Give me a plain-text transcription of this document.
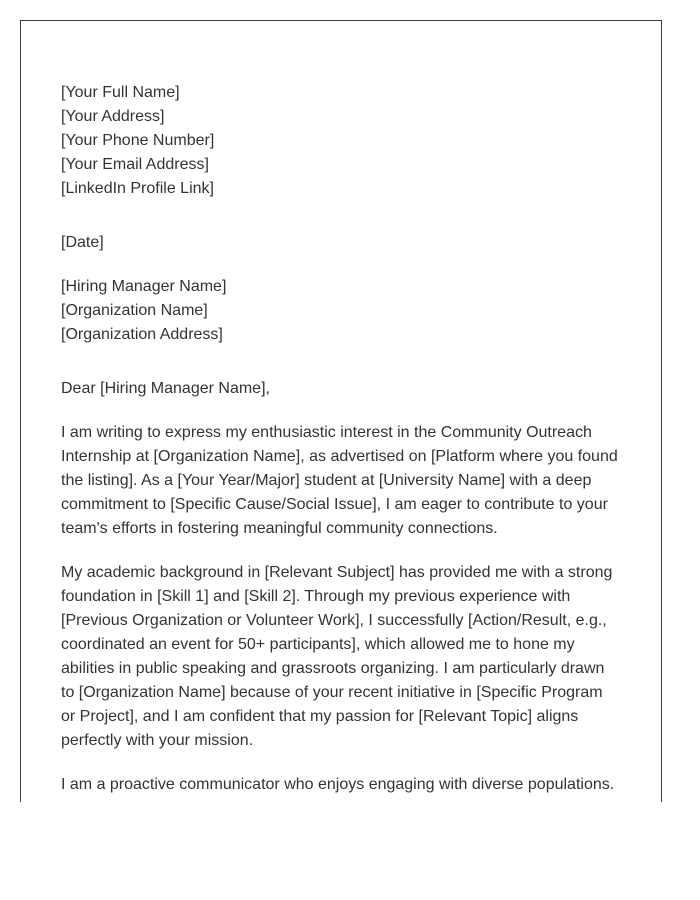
[Your Full Name]
[Your Address]
[Your Phone Number]
[Your Email Address]
[LinkedIn Profile Link]
[Date]
[Hiring Manager Name]
[Organization Name]
[Organization Address]
Dear [Hiring Manager Name],
I am writing to express my enthusiastic interest in the Community Outreach
Internship at [Organization Name], as advertised on [Platform where you found
the listing]. As a [Your Year/Major] student at [University Name] with a deep
commitment to [Specific Cause/Social Issue], I am eager to contribute to your
team's efforts in fostering meaningful community connections.
My academic background in [Relevant Subject] has provided me with a strong
foundation in [Skill 1] and [Skill 2]. Through my previous experience with
[Previous Organization or Volunteer Work], I successfully [Action/Result, e.g.,
coordinated an event for 50+ participants], which allowed me to hone my
abilities in public speaking and grassroots organizing. I am particularly drawn
to [Organization Name] because of your recent initiative in [Specific Program
or Project], and I am confident that my passion for [Relevant Topic] aligns
perfectly with your mission.
I am a proactive communicator who enjoys engaging with diverse populations.
